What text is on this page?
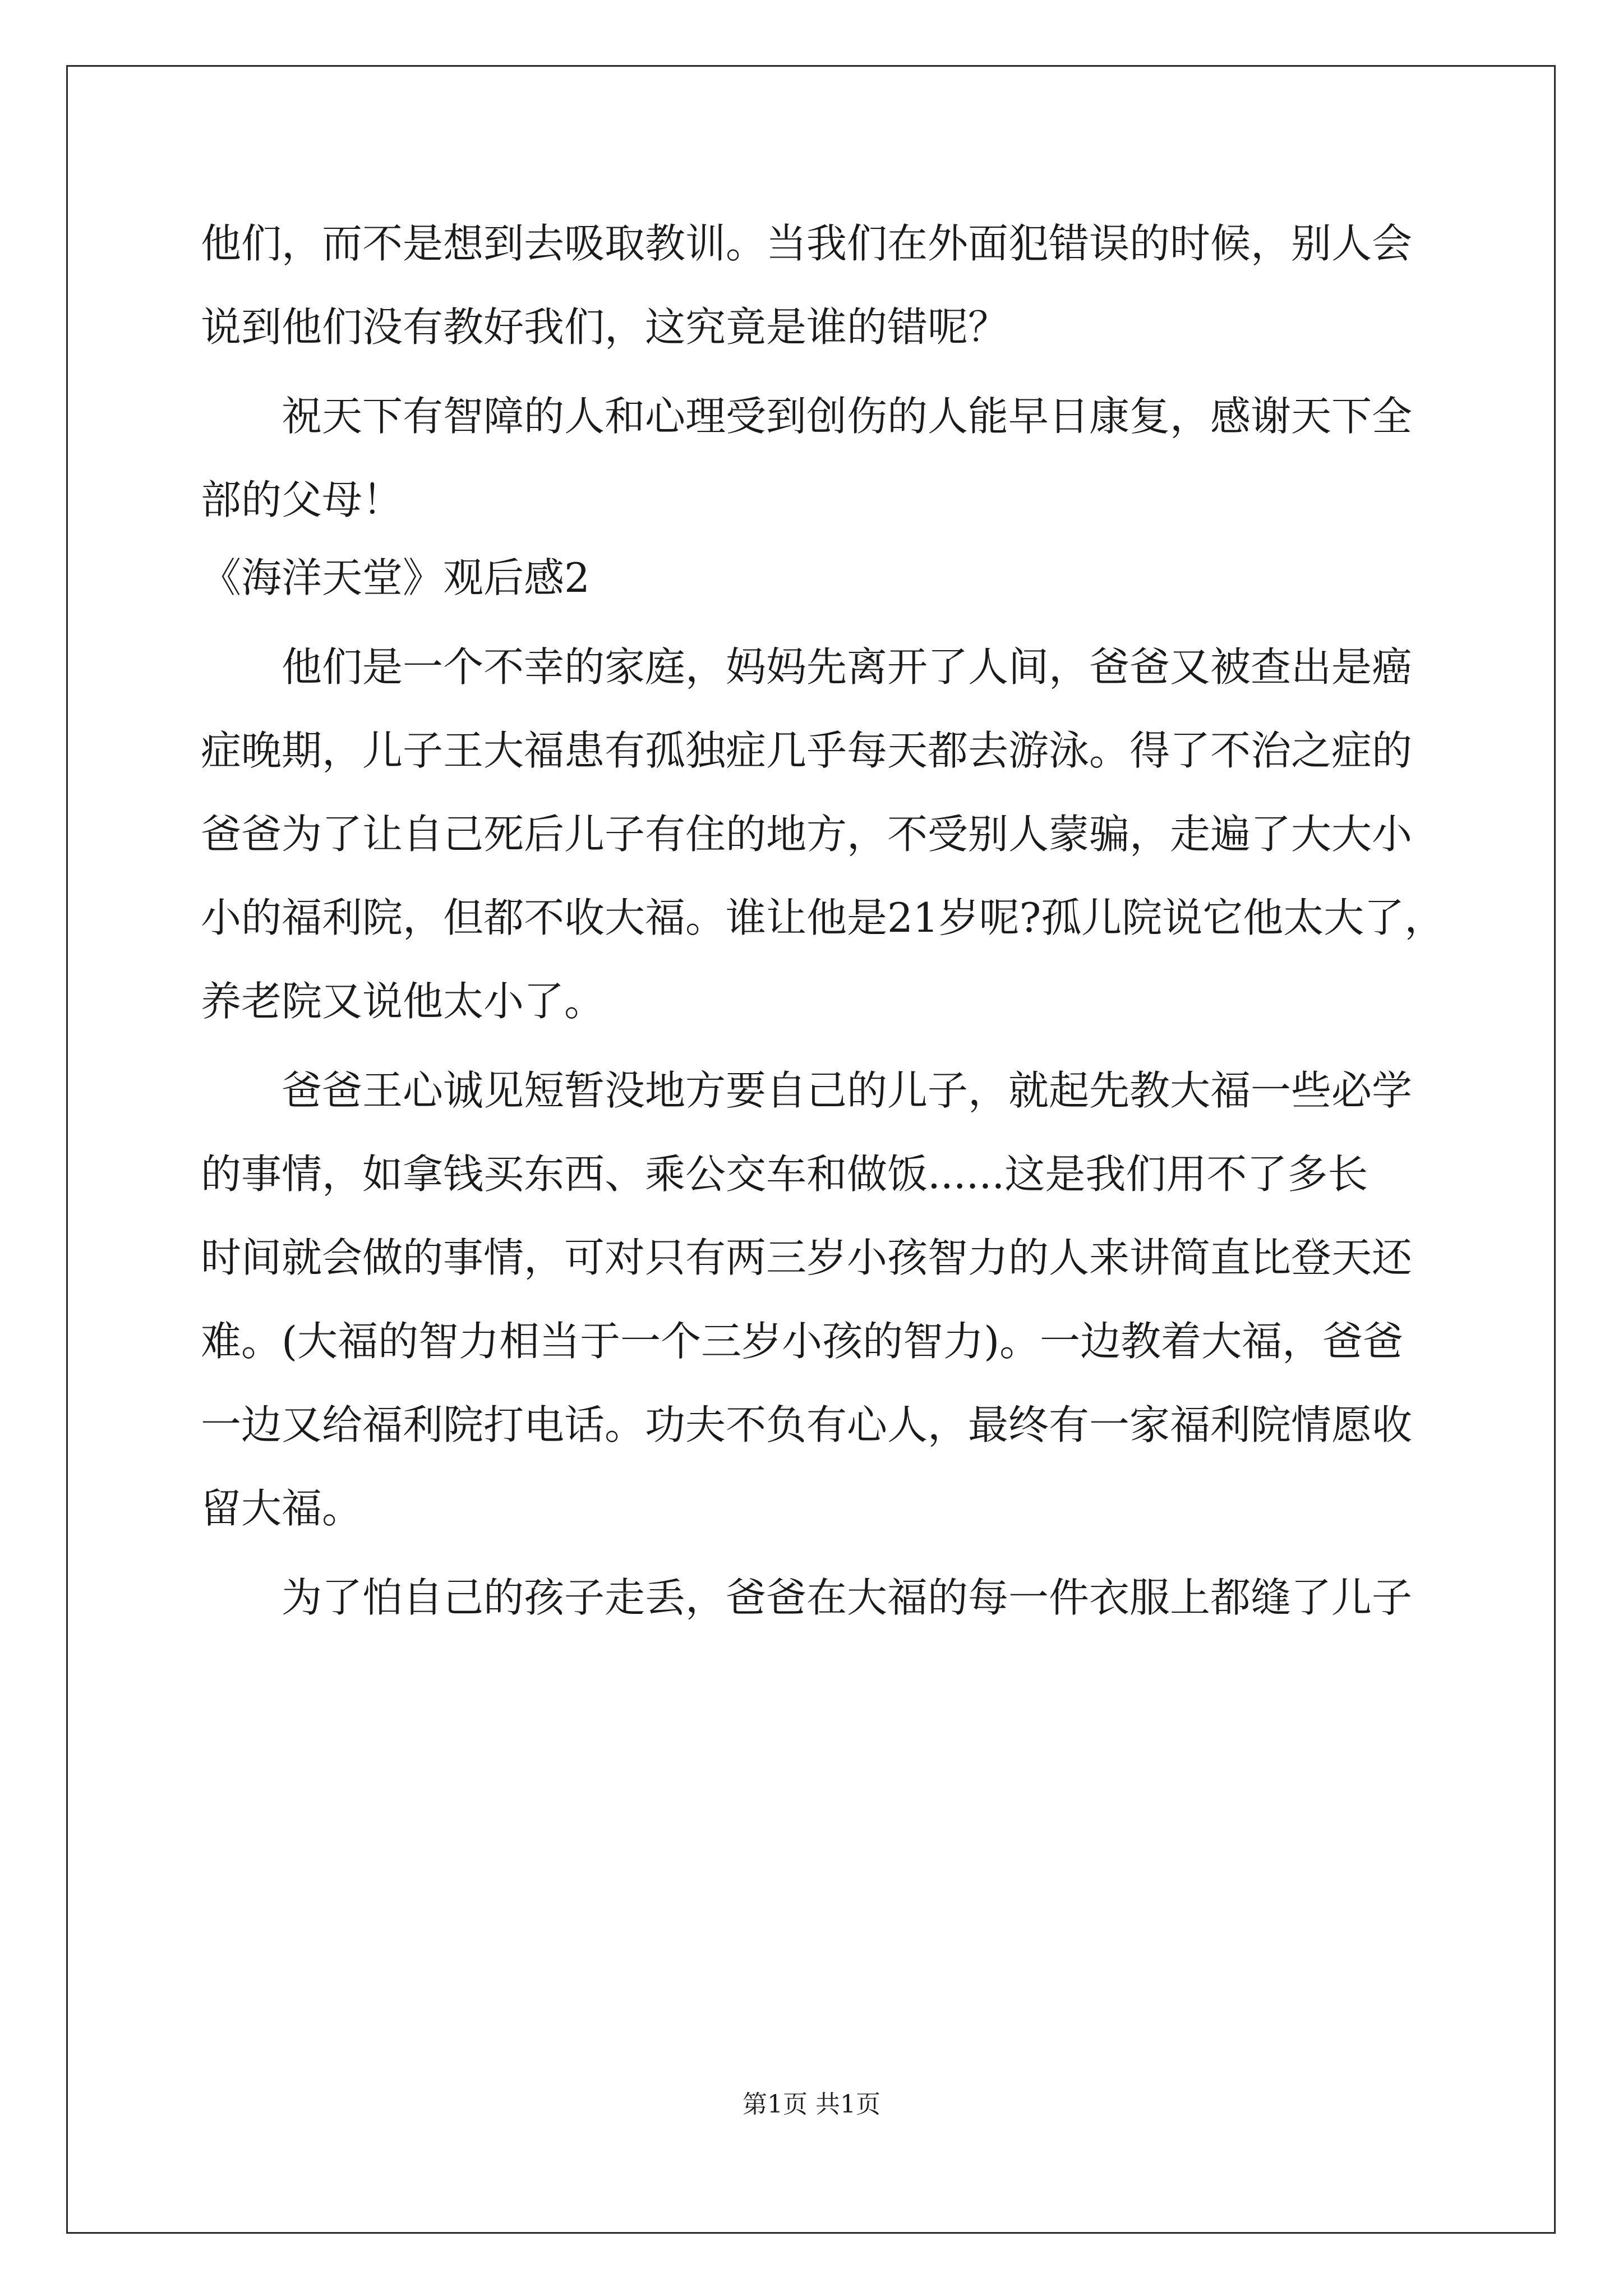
他们，而不是想到去吸取教训。当我们在外面犯错误的时候，别人会
说到他们没有教好我们，这究竟是谁的错呢？
祝天下有智障的人和心理受到创伤的人能早日康复，感谢天下全
部的父母！
《海洋天堂》观后感2
他们是一个不幸的家庭，妈妈先离开了人间，爸爸又被查出是癌
症晚期，儿子王大福患有孤独症几乎每天都去游泳。得了不治之症的
爸爸为了让自己死后儿子有住的地方，不受别人蒙骗，走遍了大大小
小的福利院，但都不收大福。谁让他是21岁呢?孤儿院说它他太大了，
养老院又说他太小了。
爸爸王心诚见短暂没地方要自己的儿子，就起先教大福一些必学
的事情，如拿钱买东西、乘公交车和做饭......这是我们用不了多长
时间就会做的事情，可对只有两三岁小孩智力的人来讲简直比登天还
难。(大福的智力相当于一个三岁小孩的智力)。一边教着大福，爸爸
一边又给福利院打电话。功夫不负有心人，最终有一家福利院情愿收
留大福。
为了怕自己的孩子走丢，爸爸在大福的每一件衣服上都缝了儿子
第1页 共1页
